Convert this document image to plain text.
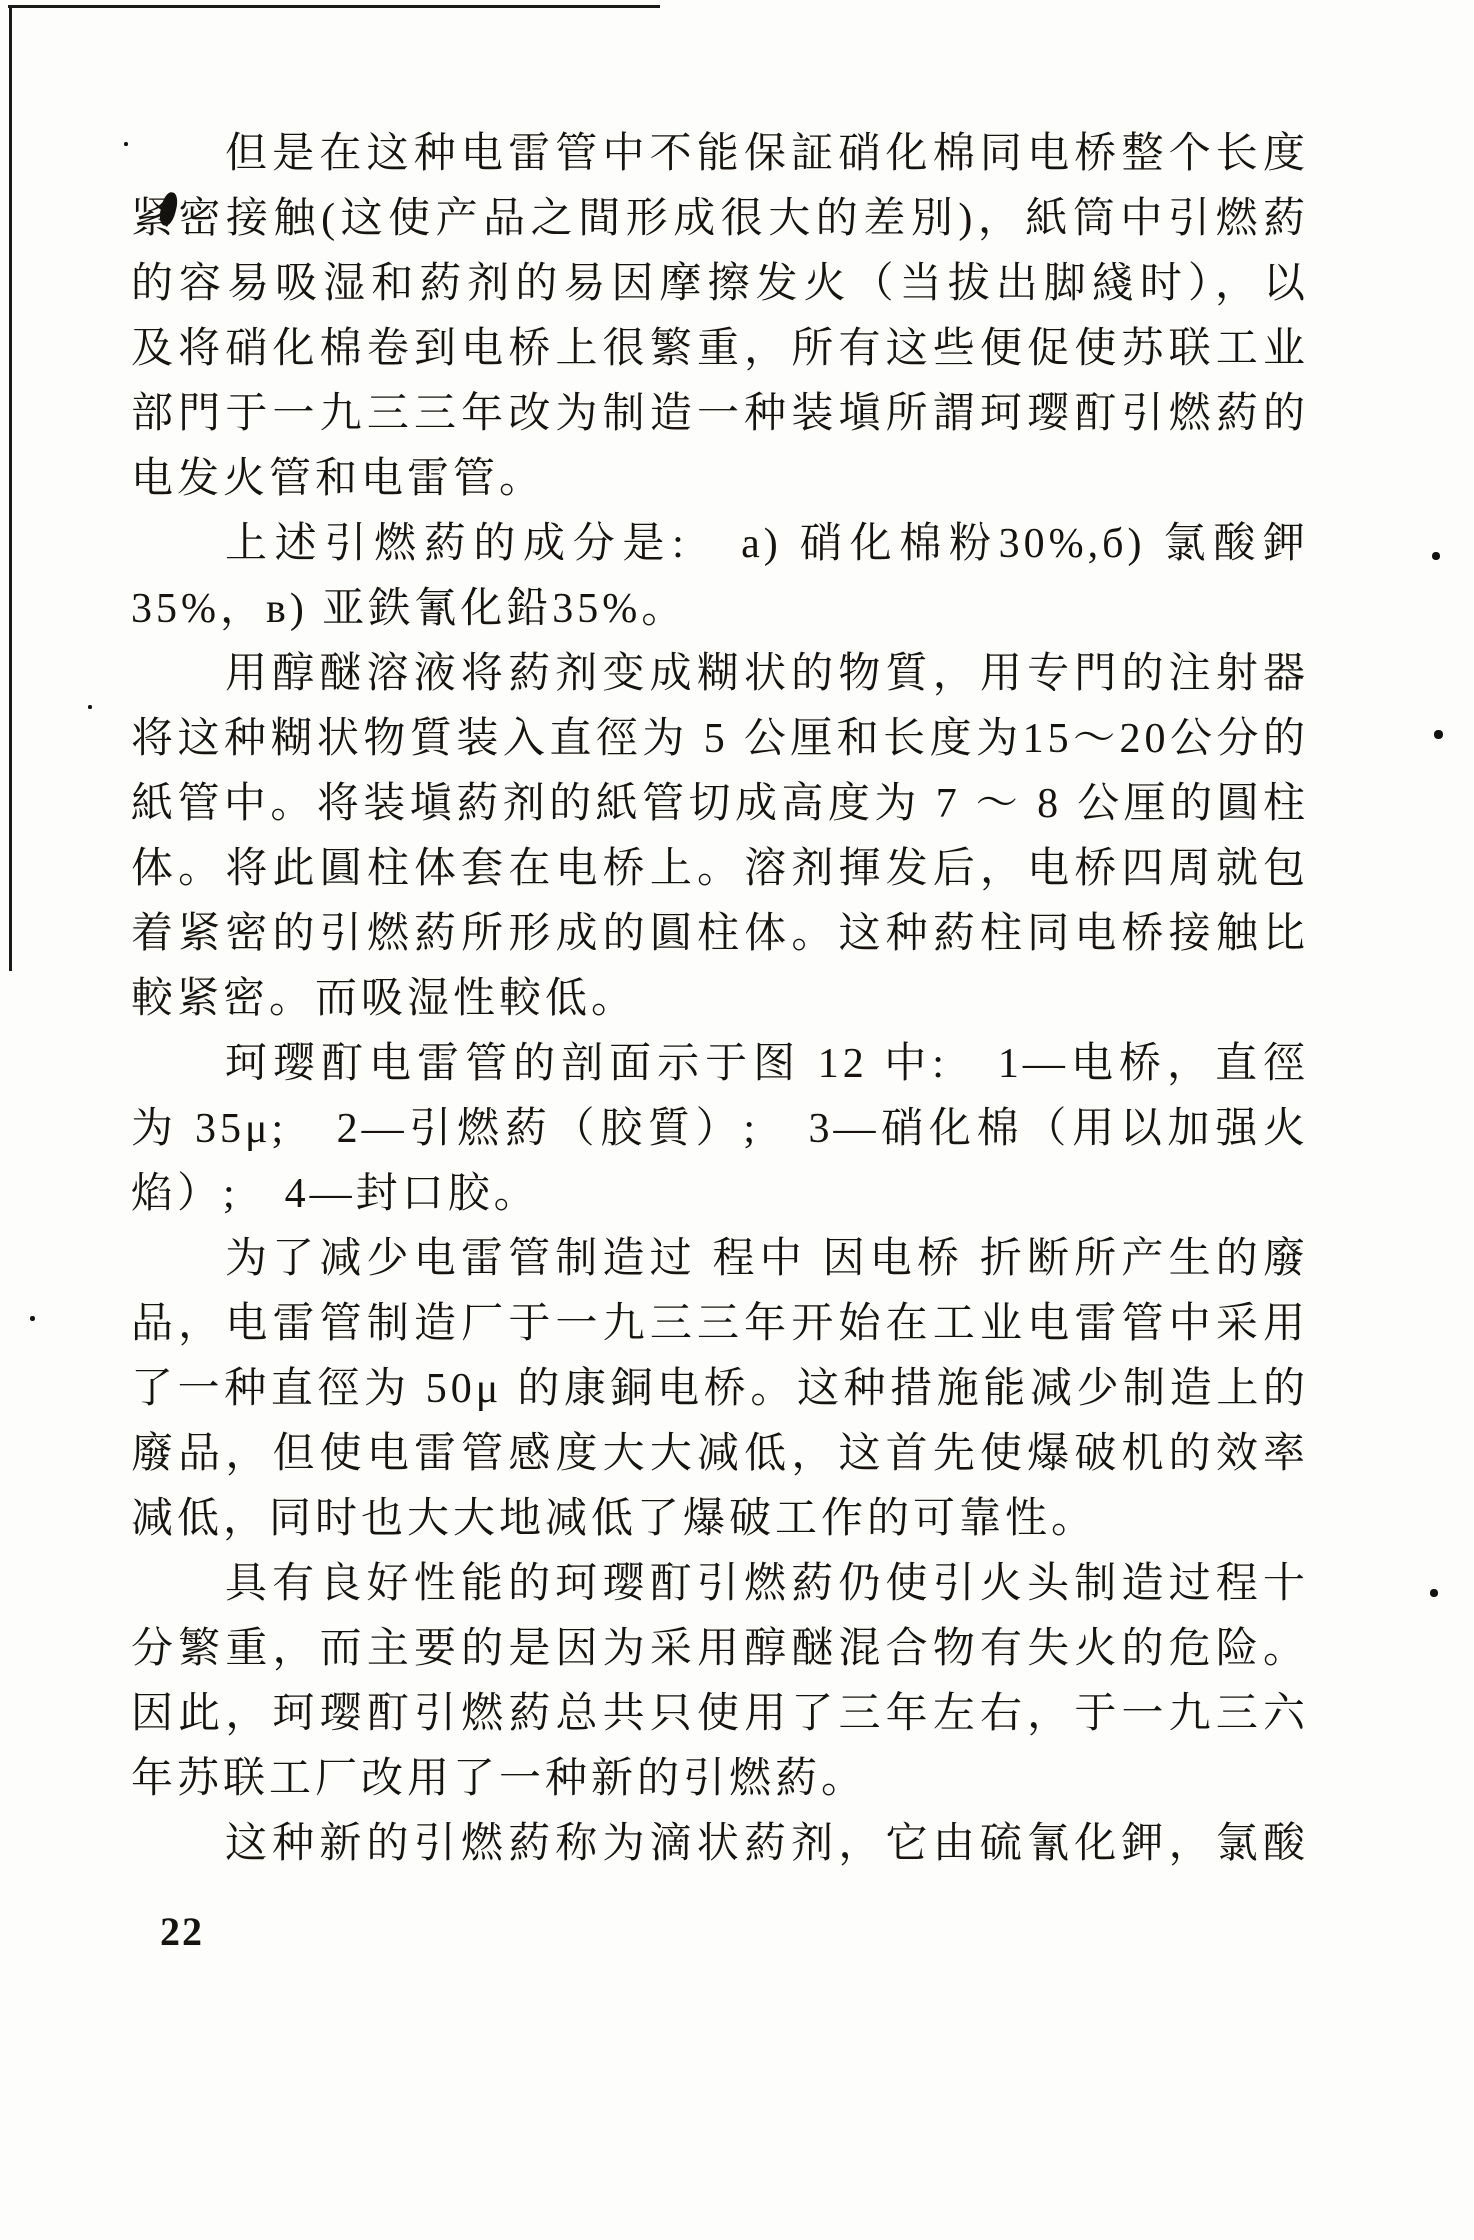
但是在这种电雷管中不能保証硝化棉同电桥整个长度
紧密接触(这使产品之間形成很大的差別)，紙筒中引燃葯
的容易吸湿和葯剂的易因摩擦发火（当拔出脚綫时），以
及将硝化棉卷到电桥上很繁重，所有这些便促使苏联工业
部門于一九三三年改为制造一种装塡所謂珂璎酊引燃葯的
电发火管和电雷管。
上述引燃葯的成分是:　a) 硝化棉粉30%,б) 氯酸鉀
35%，в) 亚鉄氰化鉛35%。
用醇醚溶液将葯剂变成糊状的物質，用专門的注射器
将这种糊状物質装入直徑为 5 公厘和长度为15～20公分的
紙管中。将装塡葯剂的紙管切成高度为 7 ～ 8 公厘的圓柱
体。将此圓柱体套在电桥上。溶剂揮发后，电桥四周就包
着紧密的引燃葯所形成的圓柱体。这种葯柱同电桥接触比
較紧密。而吸湿性較低。
珂璎酊电雷管的剖面示于图 12 中:　1—电桥，直徑
为 35μ;　2—引燃葯（胶質）;　3—硝化棉（用以加强火
焰）;　4—封口胶。
为了减少电雷管制造过 程中 因电桥 折断所产生的廢
品，电雷管制造厂于一九三三年开始在工业电雷管中采用
了一种直徑为 50μ 的康銅电桥。这种措施能减少制造上的
廢品，但使电雷管感度大大减低，这首先使爆破机的效率
减低，同时也大大地减低了爆破工作的可靠性。
具有良好性能的珂璎酊引燃葯仍使引火头制造过程十
分繁重，而主要的是因为采用醇醚混合物有失火的危险。
因此，珂璎酊引燃葯总共只使用了三年左右，于一九三六
年苏联工厂改用了一种新的引燃葯。
这种新的引燃葯称为滴状葯剂，它由硫氰化鉀，氯酸
22
